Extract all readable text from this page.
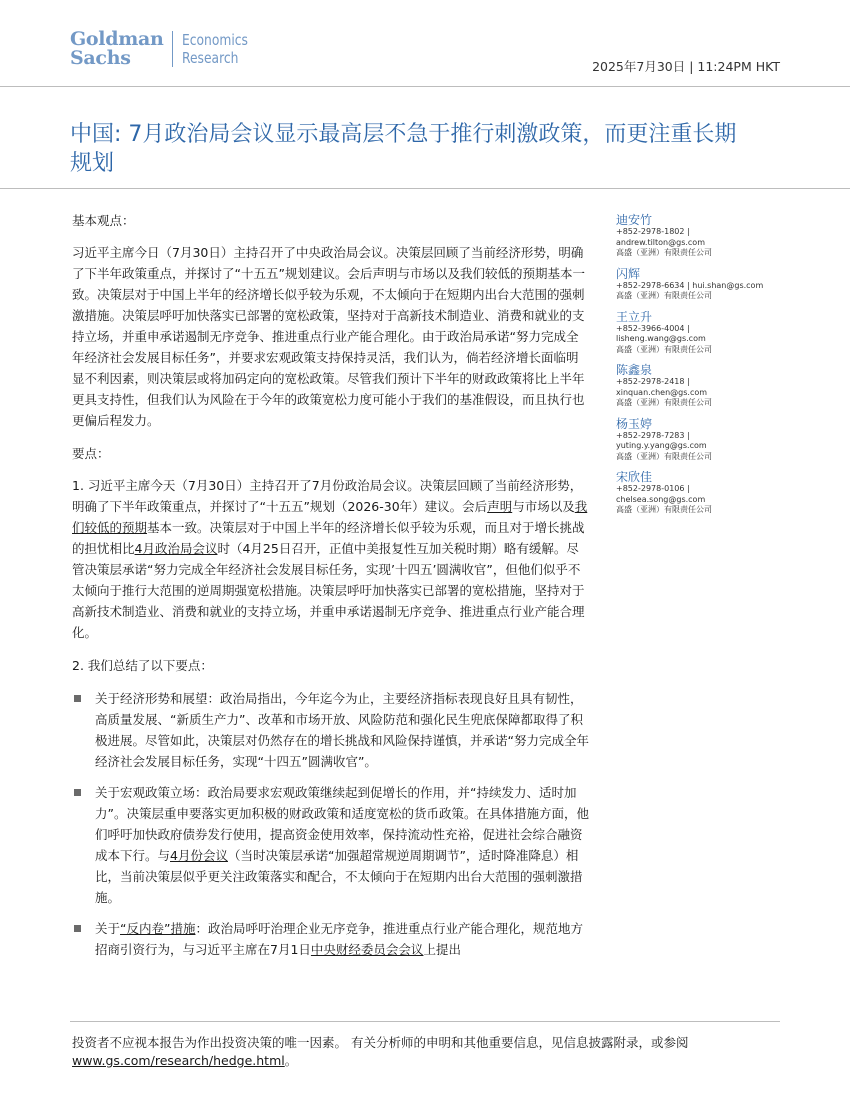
Goldman
Sachs
Economics
Research	2025年7月30日 | 11:24PM HKT
中国: 7月政治局会议显示最高层不急于推行刺激政策，而更注重长期规划

基本观点：

习近平主席今日（7月30日）主持召开了中央政治局会议。决策层回顾了当前经济形势，明确了下半年政策重点，并探讨了“十五五”规划建议。会后声明与市场以及我们较低的预期基本一致。决策层对于中国上半年的经济增长似乎较为乐观，不太倾向于在短期内出台大范围的强刺激措施。决策层呼吁加快落实已部署的宽松政策，坚持对于高新技术制造业、消费和就业的支持立场，并重申承诺遏制无序竞争、推进重点行业产能合理化。由于政治局承诺“努力完成全年经济社会发展目标任务”，并要求宏观政策支持保持灵活，我们认为，倘若经济增长面临明显不利因素，则决策层或将加码定向的宽松政策。尽管我们预计下半年的财政政策将比上半年更具支持性，但我们认为风险在于今年的政策宽松力度可能小于我们的基准假设，而且执行也更偏后程发力。

要点：

1. 习近平主席今天（7月30日）主持召开了7月份政治局会议。决策层回顾了当前经济形势，明确了下半年政策重点，并探讨了“十五五”规划（2026-30年）建议。会后声明与市场以及我们较低的预期基本一致。决策层对于中国上半年的经济增长似乎较为乐观，而且对于增长挑战的担忧相比4月政治局会议时（4月25日召开，正值中美报复性互加关税时期）略有缓解。尽管决策层承诺“努力完成全年经济社会发展目标任务，实现’十四五’圆满收官”，但他们似乎不太倾向于推行大范围的逆周期强宽松措施。决策层呼吁加快落实已部署的宽松措施，坚持对于高新技术制造业、消费和就业的支持立场，并重申承诺遏制无序竞争、推进重点行业产能合理化。

2. 我们总结了以下要点：

关于经济形势和展望：政治局指出，今年迄今为止，主要经济指标表现良好且具有韧性，高质量发展、“新质生产力”、改革和市场开放、风险防范和强化民生兜底保障都取得了积极进展。尽管如此，决策层对仍然存在的增长挑战和风险保持谨慎，并承诺“努力完成全年经济社会发展目标任务，实现“十四五”圆满收官”。
关于宏观政策立场：政治局要求宏观政策继续起到促增长的作用，并“持续发力、适时加力”。决策层重申要落实更加积极的财政政策和适度宽松的货币政策。在具体措施方面，他们呼吁加快政府债券发行使用，提高资金使用效率，保持流动性充裕，促进社会综合融资成本下行。与4月份会议（当时决策层承诺“加强超常规逆周期调节”，适时降准降息）相比，当前决策层似乎更关注政策落实和配合，不太倾向于在短期内出台大范围的强刺激措施。
关于“反内卷”措施：政治局呼吁治理企业无序竞争，推进重点行业产能合理化，规范地方招商引资行为，与习近平主席在7月1日中央财经委员会会议上提出
迪安竹
+852-2978-1802 |
andrew.tilton@gs.com
高盛（亚洲）有限责任公司
闪辉
+852-2978-6634 | hui.shan@gs.com
高盛（亚洲）有限责任公司
王立升
+852-3966-4004 |
lisheng.wang@gs.com
高盛（亚洲）有限责任公司
陈鑫泉
+852-2978-2418 |
xinquan.chen@gs.com
高盛（亚洲）有限责任公司
杨玉婷
+852-2978-7283 |
yuting.y.yang@gs.com
高盛（亚洲）有限责任公司
宋欣佳
+852-2978-0106 |
chelsea.song@gs.com
高盛（亚洲）有限责任公司
投资者不应视本报告为作出投资决策的唯一因素。 有关分析师的申明和其他重要信息，见信息披露附录，或参阅 www.gs.com/research/hedge.html。
